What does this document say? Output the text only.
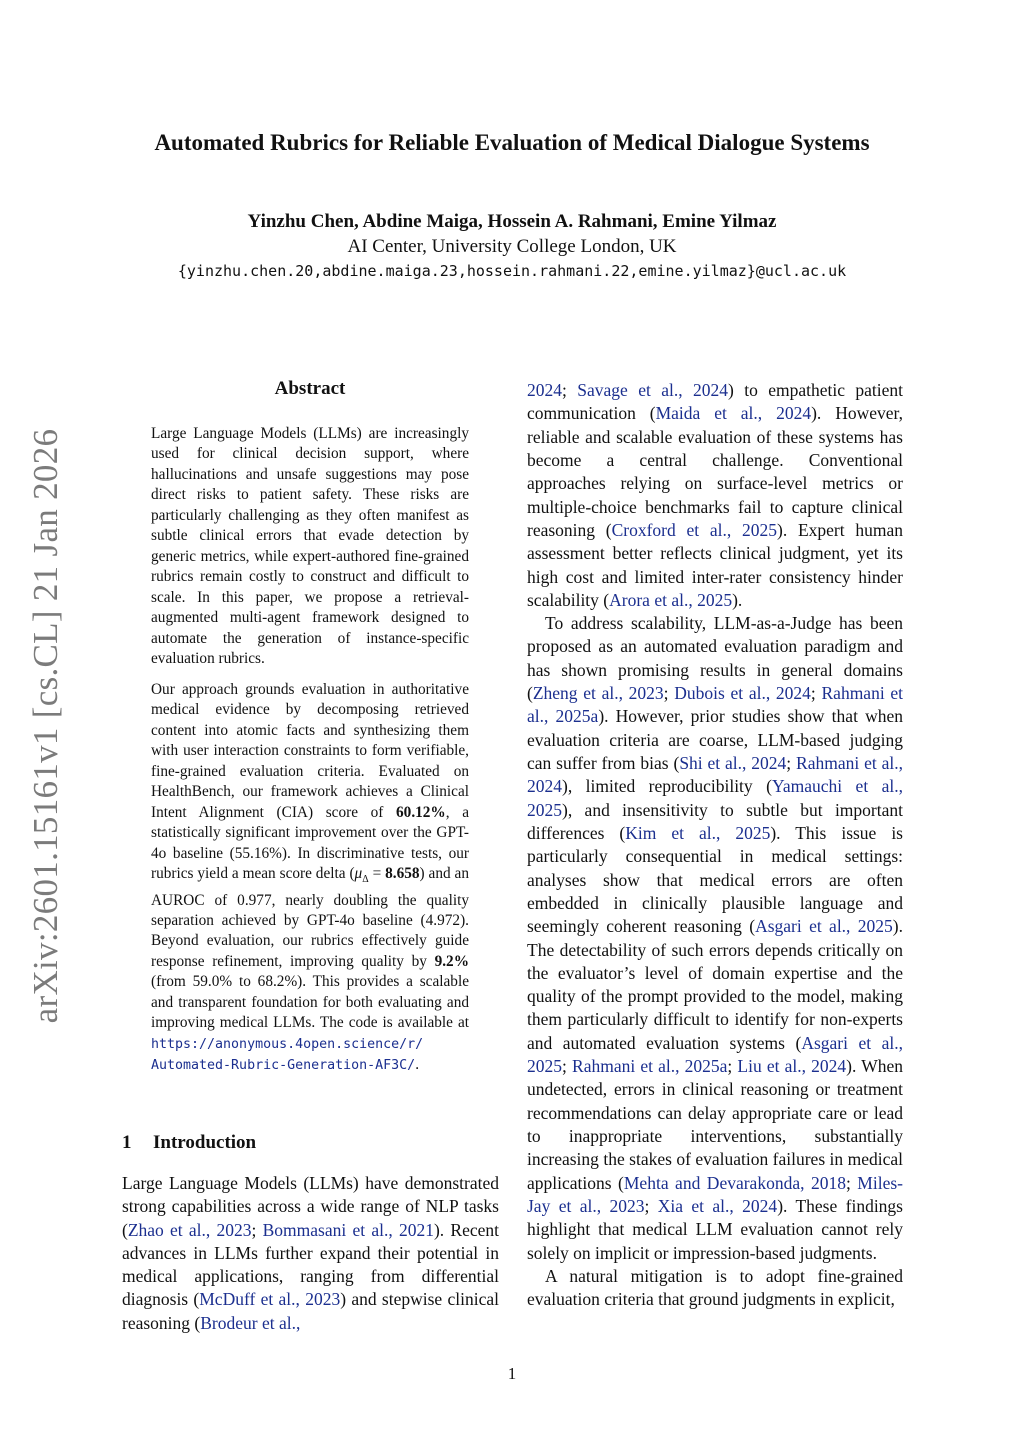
arXiv:2601.15161v1 [cs.CL] 21 Jan 2026
Automated Rubrics for Reliable Evaluation of Medical Dialogue Systems
Yinzhu Chen, Abdine Maiga, Hossein A. Rahmani, Emine Yilmaz
AI Center, University College London, UK
{yinzhu.chen.20,abdine.maiga.23,hossein.rahmani.22,emine.yilmaz}@ucl.ac.uk
Abstract

Large Language Models (LLMs) are increasingly used for clinical decision support, where hallucinations and unsafe suggestions may pose direct risks to patient safety. These risks are particularly challenging as they often manifest as subtle clinical errors that evade detection by generic metrics, while expert-authored fine-grained rubrics remain costly to construct and difficult to scale. In this paper, we propose a retrieval-augmented multi-agent framework designed to automate the generation of instance-specific evaluation rubrics.

Our approach grounds evaluation in authoritative medical evidence by decomposing retrieved content into atomic facts and synthesizing them with user interaction constraints to form verifiable, fine-grained evaluation criteria. Evaluated on HealthBench, our framework achieves a Clinical Intent Alignment (CIA) score of 60.12%, a statistically significant improvement over the GPT-4o baseline (55.16%). In discriminative tests, our rubrics yield a mean score delta $(\mu_\Delta = 8.658)$ and an AUROC of 0.977, nearly doubling the quality separation achieved by GPT-4o baseline (4.972). Beyond evaluation, our rubrics effectively guide response refinement, improving quality by 9.2% (from 59.0% to 68.2%). This provides a scalable and transparent foundation for both evaluating and improving medical LLMs. The code is available at https://anonymous.4open.science/r/
Automated-Rubric-Generation-AF3C/.

1 Introduction

Large Language Models (LLMs) have demonstrated strong capabilities across a wide range of NLP tasks (Zhao et al., 2023; Bommasani et al., 2021). Recent advances in LLMs further expand their potential in medical applications, ranging from differential diagnosis (McDuff et al., 2023) and stepwise clinical reasoning (Brodeur et al.,

2024; Savage et al., 2024) to empathetic patient communication (Maida et al., 2024). However, reliable and scalable evaluation of these systems has become a central challenge. Conventional approaches relying on surface-level metrics or multiple-choice benchmarks fail to capture clinical reasoning (Croxford et al., 2025). Expert human assessment better reflects clinical judgment, yet its high cost and limited inter-rater consistency hinder scalability (Arora et al., 2025).

To address scalability, LLM-as-a-Judge has been proposed as an automated evaluation paradigm and has shown promising results in general domains (Zheng et al., 2023; Dubois et al., 2024; Rahmani et al., 2025a). However, prior studies show that when evaluation criteria are coarse, LLM-based judging can suffer from bias (Shi et al., 2024; Rahmani et al., 2024), limited reproducibility (Yamauchi et al., 2025), and insensitivity to subtle but important differences (Kim et al., 2025). This issue is particularly consequential in medical settings: analyses show that medical errors are often embedded in clinically plausible language and seemingly coherent reasoning (Asgari et al., 2025). The detectability of such errors depends critically on the evaluator’s level of domain expertise and the quality of the prompt provided to the model, making them particularly difficult to identify for non-experts and automated evaluation systems (Asgari et al., 2025; Rahmani et al., 2025a; Liu et al., 2024). When undetected, errors in clinical reasoning or treatment recommendations can delay appropriate care or lead to inappropriate interventions, substantially increasing the stakes of evaluation failures in medical applications (Mehta and Devarakonda, 2018; Miles-Jay et al., 2023; Xia et al., 2024). These findings highlight that medical LLM evaluation cannot rely solely on implicit or impression-based judgments.

A natural mitigation is to adopt fine-grained evaluation criteria that ground judgments in explicit,

1
